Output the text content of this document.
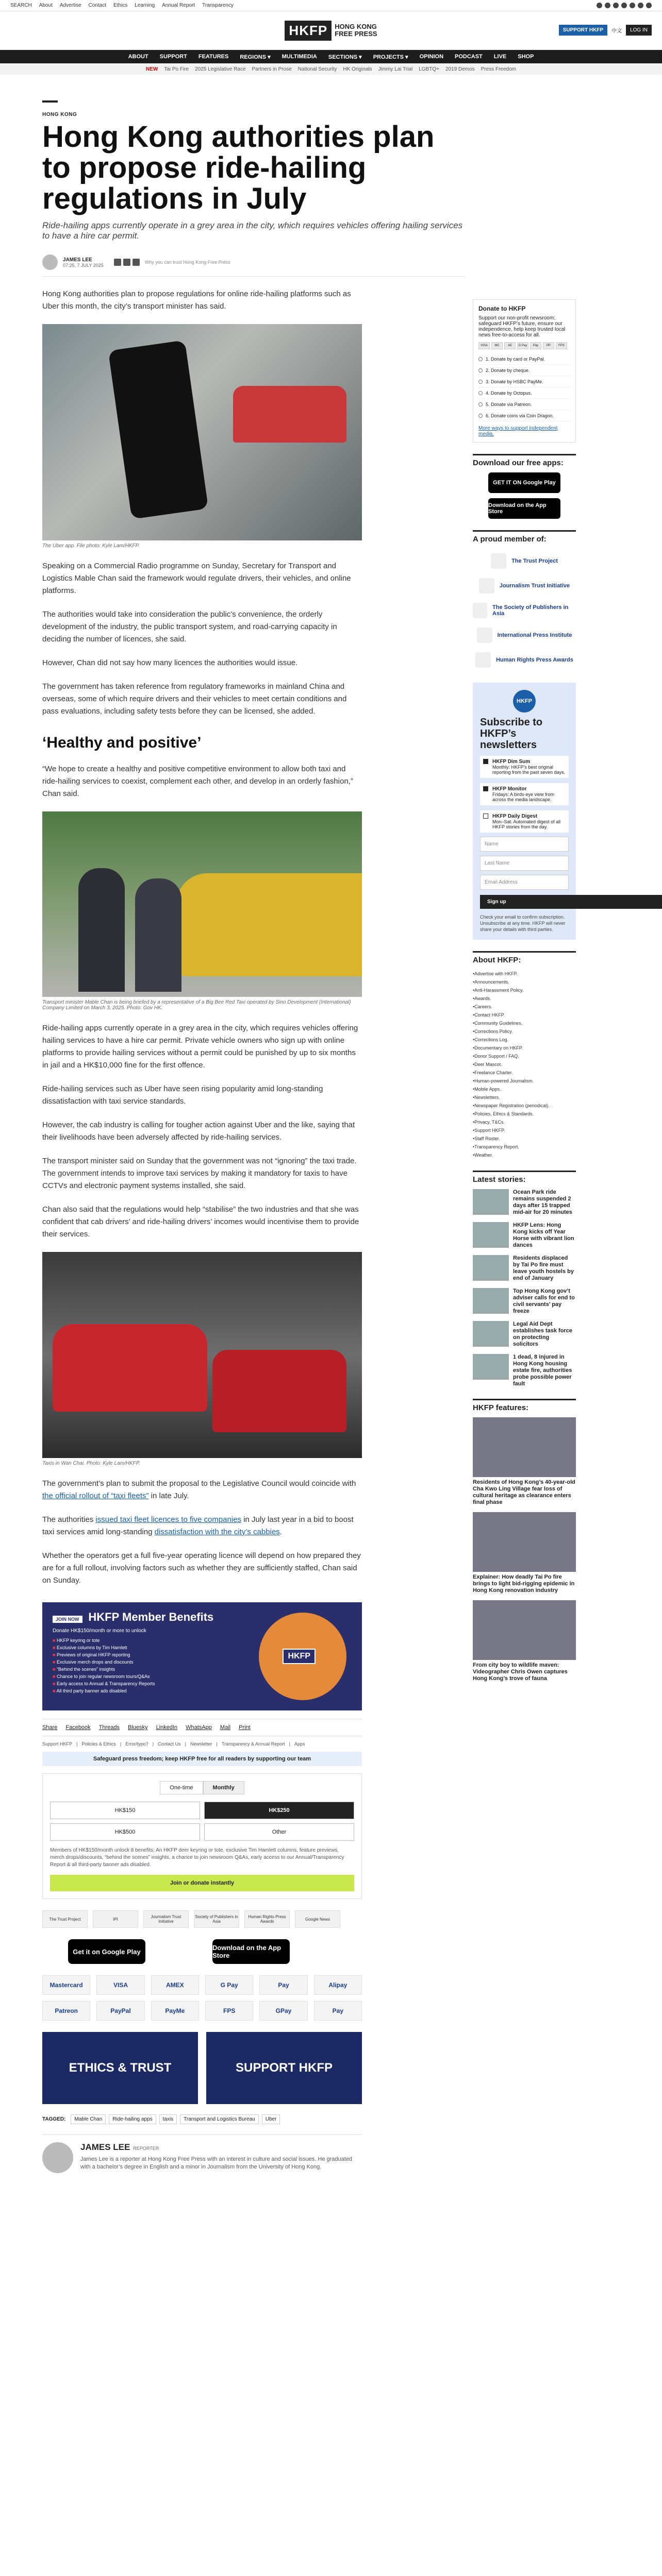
SEARCH About Advertise Contact Ethics Learning Annual Report Transparency
HKFP	HONG KONG
FREE PRESS	SUPPORT HKFP	中文	LOG IN
ABOUT SUPPORT FEATURES REGIONS ▾ MULTIMEDIA SECTIONS ▾ PROJECTS ▾ OPINION PODCAST LIVE SHOP
NEW Tai Po Fire 2025 Legislative Race Partners in Prose National Security HK Originals Jimmy Lai Trial LGBTQ+ 2019 Demos Press Freedom
HONG KONG
Hong Kong authorities plan to propose ride-hailing regulations in July
Ride-hailing apps currently operate in a grey area in the city, which requires vehicles offering hailing services to have a hire car permit.
JAMES LEE
07:25, 7 JULY 2025
Why you can trust Hong Kong Free Press

Hong Kong authorities plan to propose regulations for online ride-hailing platforms such as Uber this month, the city’s transport minister has said.

The Uber app. File photo: Kyle Lam/HKFP.

Speaking on a Commercial Radio programme on Sunday, Secretary for Transport and Logistics Mable Chan said the framework would regulate drivers, their vehicles, and online platforms.

The authorities would take into consideration the public’s convenience, the orderly development of the industry, the public transport system, and road-carrying capacity in deciding the number of licences, she said.

However, Chan did not say how many licences the authorities would issue.

The government has taken reference from regulatory frameworks in mainland China and overseas, some of which require drivers and their vehicles to meet certain conditions and pass evaluations, including safety tests before they can be licensed, she added.

‘Healthy and positive’

“We hope to create a healthy and positive competitive environment to allow both taxi and ride-hailing services to coexist, complement each other, and develop in an orderly fashion,” Chan said.

Transport minister Mable Chan is being briefed by a representative of a Big Bee Red Taxi operated by Sino Development (International) Company Limited on March 3, 2025. Photo: Gov HK.

Ride-hailing apps currently operate in a grey area in the city, which requires vehicles offering hailing services to have a hire car permit. Private vehicle owners who sign up with online platforms to provide hailing services without a permit could be punished by up to six months in jail and a HK$10,000 fine for the first offence.

Ride-hailing services such as Uber have seen rising popularity amid long-standing dissatisfaction with taxi service standards.

However, the cab industry is calling for tougher action against Uber and the like, saying that their livelihoods have been adversely affected by ride-hailing services.

The transport minister said on Sunday that the government was not “ignoring” the taxi trade. The government intends to improve taxi services by making it mandatory for taxis to have CCTVs and electronic payment systems installed, she said.

Chan also said that the regulations would help “stabilise” the two industries and that she was confident that cab drivers’ and ride-hailing drivers’ incomes would incentivise them to provide their services.

Taxis in Wan Chai. Photo: Kyle Lam/HKFP.

The government’s plan to submit the proposal to the Legislative Council would coincide with the official rollout of “taxi fleets” in late July.

The authorities issued taxi fleet licences to five companies in July last year in a bid to boost taxi services amid long-standing dissatisfaction with the city’s cabbies.

Whether the operators get a full five-year operating licence will depend on how prepared they are for a full rollout, involving factors such as whether they are sufficiently staffed, Chan said on Sunday.

JOIN NOW HKFP Member Benefits
Donate HK$150/month or more to unlock
■ HKFP keyring or tote
■ Exclusive columns by Tim Hamlett
■ Previews of original HKFP reporting
■ Exclusive merch drops and discounts
■ “Behind the scenes” insights
■ Chance to join regular newsroom tours/Q&As
■ Early access to Annual & Transparency Reports
■ All third party banner ads disabled
HKFP
Share Facebook Threads Bluesky LinkedIn WhatsApp Mail Print
Support HKFP | Policies & Ethics | Error/typo? | Contact Us | Newsletter | Transparency & Annual Report | Apps
Safeguard press freedom; keep HKFP free for all readers by supporting our team
One-time	Monthly
HK$150	HK$250
HK$500	Other
Members of HK$150/month unlock 8 benefits: An HKFP deer keyring or tote, exclusive Tim Hamlett columns, feature previews, merch drops/discounts, “behind the scenes” insights, a chance to join newsroom Q&As, early access to our Annual/Transparency Report & all third-party banner ads disabled.
Join or donate instantly
The Trust Project	IPI	Journalism Trust Initiative
Society of Publishers in Asia
Human Rights Press Awards	Google News
Get it on Google Play	Download on the App Store
Mastercard	VISA	AMEX	G Pay	Pay	Alipay
Patreon	PayPal	PayMe	FPS	GPay	Pay
ETHICS & TRUST	SUPPORT HKFP
TAGGED:	Mable Chan	Ride-hailing apps	taxis	Transport and Logistics Bureau	Uber
JAMES LEE REPORTER
James Lee is a reporter at Hong Kong Free Press with an interest in culture and social issues. He graduated with a bachelor’s degree in English and a minor in Journalism from the University of Hong Kong.
Donate to HKFP
Support our non-profit newsroom: safeguard HKFP’s future, ensure our independence, help keep trusted local news free-to-access for all.
VISA	MC	AE	G Pay	Pay	PP	FPS
1. Donate by card or PayPal.
2. Donate by cheque.
3. Donate by HSBC PayMe.
4. Donate by Octopus.
5. Donate via Patreon.
6. Donate coins via Coin Dragon.
More ways to support independent media.
Download our free apps:
GET IT ON Google Play
Download on the App Store
A proud member of:
The Trust Project
Journalism Trust Initiative
The Society of Publishers in Asia
International Press Institute
Human Rights Press Awards
HKFP
Subscribe to HKFP’s newsletters
HKFP Dim Sum
Monthly: HKFP’s best original reporting from the past seven days.
HKFP Monitor
Fridays: A birds-eye view from across the media landscape.
HKFP Daily Digest
Mon–Sat: Automated digest of all HKFP stories from the day.
Name
Last Name
Email Address
Sign up
Check your email to confirm subscription. Unsubscribe at any time. HKFP will never share your details with third parties.
About HKFP:
• Advertise with HKFP.
• Announcements.
• Anti-Harassment Policy.
• Awards.
• Careers.
• Contact HKFP.
• Community Guidelines.
• Corrections Policy.
• Corrections Log.
• Documentary on HKFP.
• Donor Support / FAQ.
• Deer Mascot.
• Freelance Charter.
• Human-powered Journalism.
• Mobile Apps.
• Newsletters.
• Newspaper Registration (periodical).
• Policies, Ethics & Standards.
• Privacy, T&Cs.
• Support HKFP.
• Staff Roster.
• Transparency Report.
• Weather.
Latest stories:
Ocean Park ride remains suspended 2 days after 15 trapped mid-air for 20 minutes
HKFP Lens: Hong Kong kicks off Year Horse with vibrant lion dances
Residents displaced by Tai Po fire must leave youth hostels by end of January
Top Hong Kong gov’t adviser calls for end to civil servants’ pay freeze
Legal Aid Dept establishes task force on protecting solicitors
1 dead, 8 injured in Hong Kong housing estate fire, authorities probe possible power fault
HKFP features:
Residents of Hong Kong’s 40-year-old Cha Kwo Ling Village fear loss of cultural heritage as clearance enters final phase
Explainer: How deadly Tai Po fire brings to light bid-rigging epidemic in Hong Kong renovation industry
From city boy to wildlife maven: Videographer Chris Owen captures Hong Kong’s trove of fauna
